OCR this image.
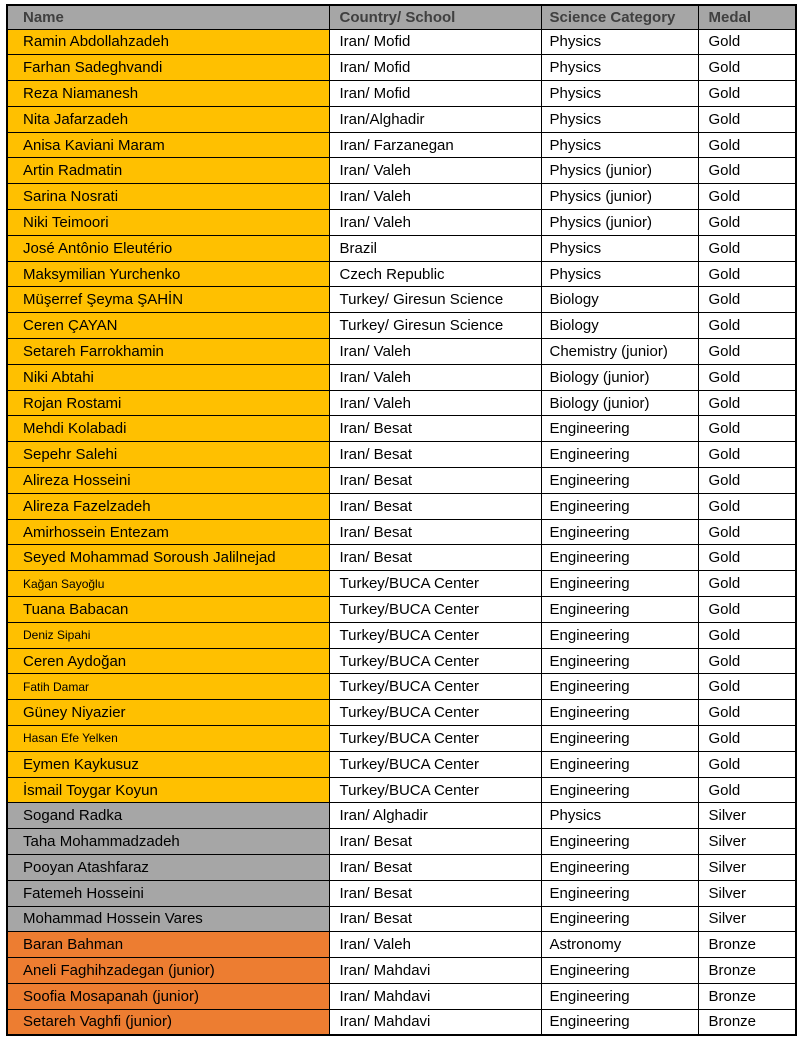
Name	Country/ School	Science Category	Medal
Ramin Abdollahzadeh	Iran/ Mofid	Physics	Gold
Farhan Sadeghvandi	Iran/ Mofid	Physics	Gold
Reza Niamanesh	Iran/ Mofid	Physics	Gold
Nita Jafarzadeh	Iran/Alghadir	Physics	Gold
Anisa Kaviani Maram	Iran/ Farzanegan	Physics	Gold
Artin Radmatin	Iran/ Valeh	Physics (junior)	Gold
Sarina Nosrati	Iran/ Valeh	Physics (junior)	Gold
Niki Teimoori	Iran/ Valeh	Physics (junior)	Gold
José Antônio Eleutério	Brazil	Physics	Gold
Maksymilian Yurchenko	Czech Republic	Physics	Gold
Müşerref Şeyma ŞAHİN	Turkey/ Giresun Science	Biology	Gold
Ceren ÇAYAN	Turkey/ Giresun Science	Biology	Gold
Setareh Farrokhamin	Iran/ Valeh	Chemistry (junior)	Gold
Niki Abtahi	Iran/ Valeh	Biology (junior)	Gold
Rojan Rostami	Iran/ Valeh	Biology (junior)	Gold
Mehdi Kolabadi	Iran/ Besat	Engineering	Gold
Sepehr Salehi	Iran/ Besat	Engineering	Gold
Alireza Hosseini	Iran/ Besat	Engineering	Gold
Alireza Fazelzadeh	Iran/ Besat	Engineering	Gold
Amirhossein Entezam	Iran/ Besat	Engineering	Gold
Seyed Mohammad Soroush Jalilnejad	Iran/ Besat	Engineering	Gold
Kağan Sayoğlu	Turkey/BUCA Center	Engineering	Gold
Tuana Babacan	Turkey/BUCA Center	Engineering	Gold
Deniz Sipahi	Turkey/BUCA Center	Engineering	Gold
Ceren Aydoğan	Turkey/BUCA Center	Engineering	Gold
Fatih Damar	Turkey/BUCA Center	Engineering	Gold
Güney Niyazier	Turkey/BUCA Center	Engineering	Gold
Hasan Efe Yelken	Turkey/BUCA Center	Engineering	Gold
Eymen Kaykusuz	Turkey/BUCA Center	Engineering	Gold
İsmail Toygar Koyun	Turkey/BUCA Center	Engineering	Gold
Sogand Radka	Iran/ Alghadir	Physics	Silver
Taha Mohammadzadeh	Iran/ Besat	Engineering	Silver
Pooyan Atashfaraz	Iran/ Besat	Engineering	Silver
Fatemeh Hosseini	Iran/ Besat	Engineering	Silver
Mohammad Hossein Vares	Iran/ Besat	Engineering	Silver
Baran Bahman	Iran/ Valeh	Astronomy	Bronze
Aneli Faghihzadegan (junior)	Iran/ Mahdavi	Engineering	Bronze
Soofia Mosapanah (junior)	Iran/ Mahdavi	Engineering	Bronze
Setareh Vaghfi (junior)	Iran/ Mahdavi	Engineering	Bronze
